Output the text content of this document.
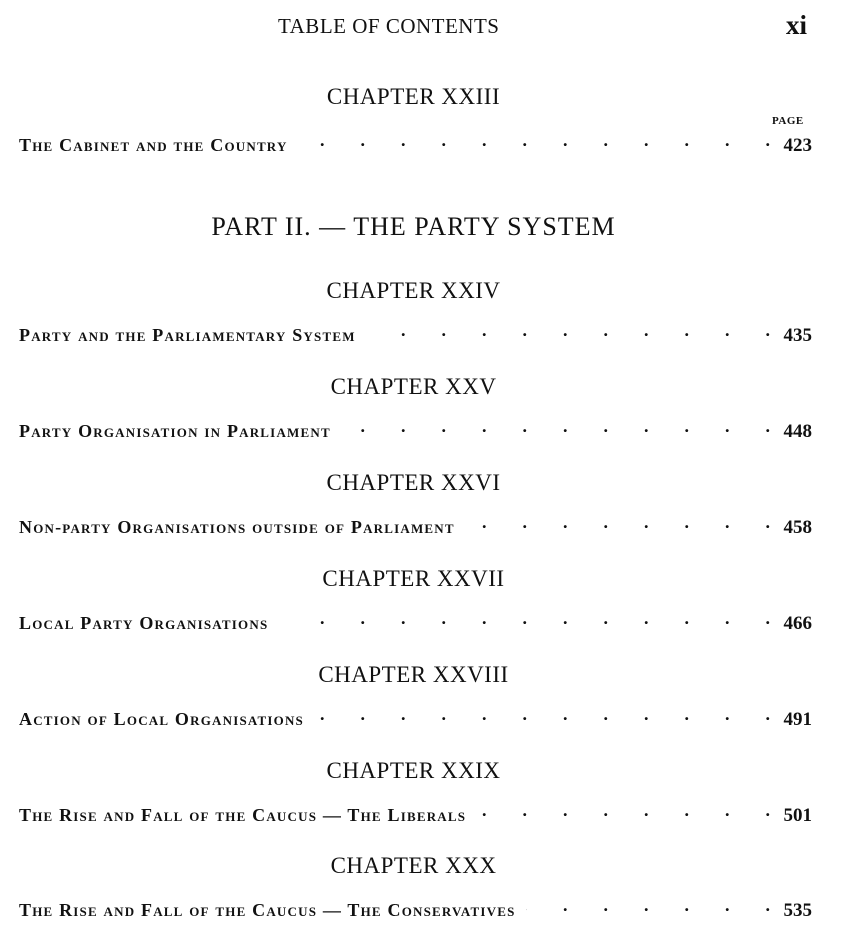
TABLE OF CONTENTS	xi
CHAPTER XXIII
PAGE
The Cabinet and the Country .	423
PART II. — THE PARTY SYSTEM
CHAPTER XXIV
Party and the Parliamentary System .	435
CHAPTER XXV
Party Organisation in Parliament .	448
CHAPTER XXVI
Non-party Organisations outside of Parliament .	458
CHAPTER XXVII
Local Party Organisations .	466
CHAPTER XXVIII
Action of Local Organisations .	491
CHAPTER XXIX
The Rise and Fall of the Caucus — The Liberals .	501
CHAPTER XXX
The Rise and Fall of the Caucus — The Conservatives .	535
